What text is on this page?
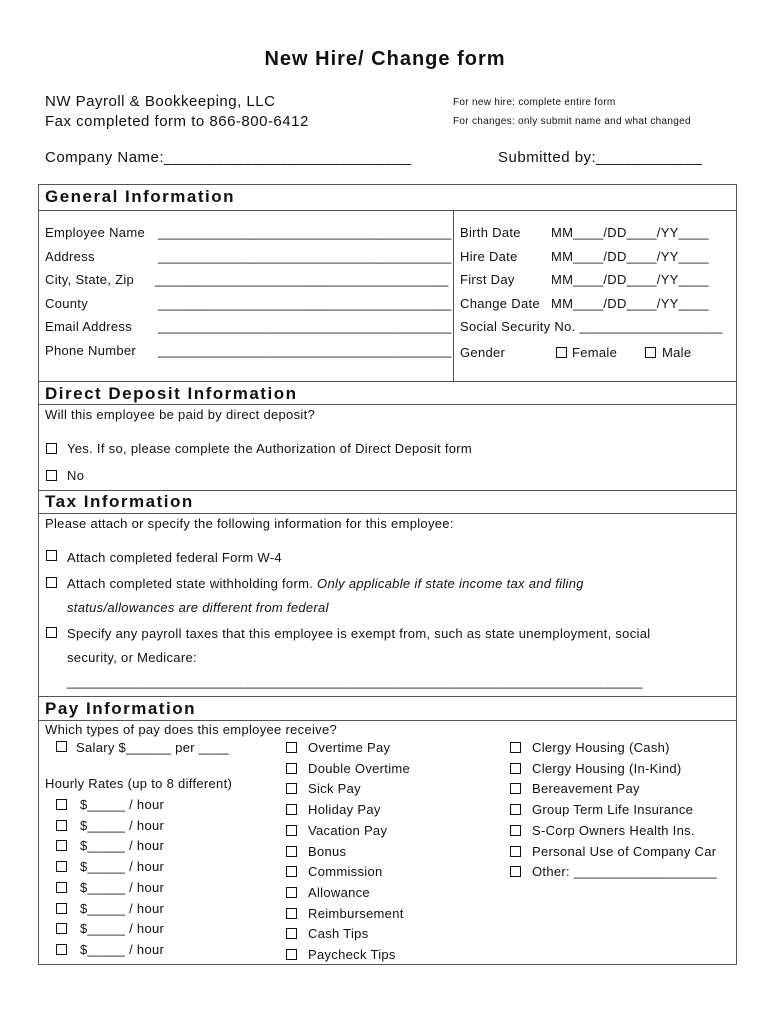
New Hire/ Change form
NW Payroll & Bookkeeping, LLC
Fax completed form to 866-800-6412
For new hire: complete entire form
For changes: only submit name and what changed
Company Name:____________________________	Submitted by:____________
General Information
Employee Name _______________________________________
Address	_______________________________________
City, State, Zip _______________________________________
County	_______________________________________
Email Address _______________________________________
Phone Number _______________________________________
Birth Date MM____/DD____/YY____
Hire Date	MM____/DD____/YY____
First Day	MM____/DD____/YY____
Change Date MM____/DD____/YY____
Social Security No. ___________________
Gender	Female	Male
Direct Deposit Information
Will this employee be paid by direct deposit?
Yes. If so, please complete the Authorization of Direct Deposit form
No
Tax Information
Please attach or specify the following information for this employee:
Attach completed federal Form W-4
Attach completed state withholding form. Only applicable if state income tax and filing
status/allowances are different from federal
Specify any payroll taxes that this employee is exempt from, such as state unemployment, social
security, or Medicare:
___________________________________________________________________________________
Pay Information
Which types of pay does this employee receive?
Salary $______ per ____
Hourly Rates (up to 8 different)
$_____ / hour
$_____ / hour
$_____ / hour
$_____ / hour
$_____ / hour
$_____ / hour
$_____ / hour
$_____ / hour
Overtime Pay
Double Overtime
Sick Pay
Holiday Pay
Vacation Pay
Bonus
Commission
Allowance
Reimbursement
Cash Tips
Paycheck Tips
Clergy Housing (Cash)
Clergy Housing (In-Kind)
Bereavement Pay
Group Term Life Insurance
S-Corp Owners Health Ins.
Personal Use of Company Car
Other: ___________________
